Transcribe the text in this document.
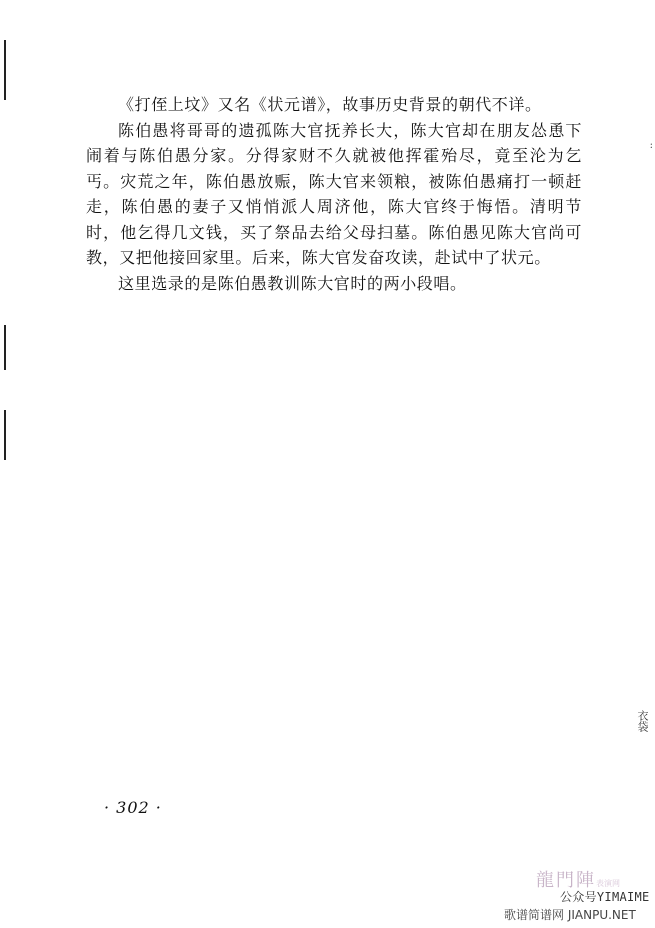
《打侄上坟》又名《状元谱》，故事历史背景的朝代不详。

陈伯愚将哥哥的遗孤陈大官抚养长大，陈大官却在朋友怂恿下闹着与陈伯愚分家。分得家财不久就被他挥霍殆尽，竟至沦为乞丐。灾荒之年，陈伯愚放赈，陈大官来领粮，被陈伯愚痛打一顿赶走，陈伯愚的妻子又悄悄派人周济他，陈大官终于悔悟。清明节时，他乞得几文钱，买了祭品去给父母扫墓。陈伯愚见陈大官尚可教，又把他接回家里。后来，陈大官发奋攻读，赴试中了状元。

这里选录的是陈伯愚教训陈大官时的两小段唱。

:
衣袋
· 302 ·
龍門陣表演网
公众号YIMAIME
歌谱简谱网 JIANPU.NET
